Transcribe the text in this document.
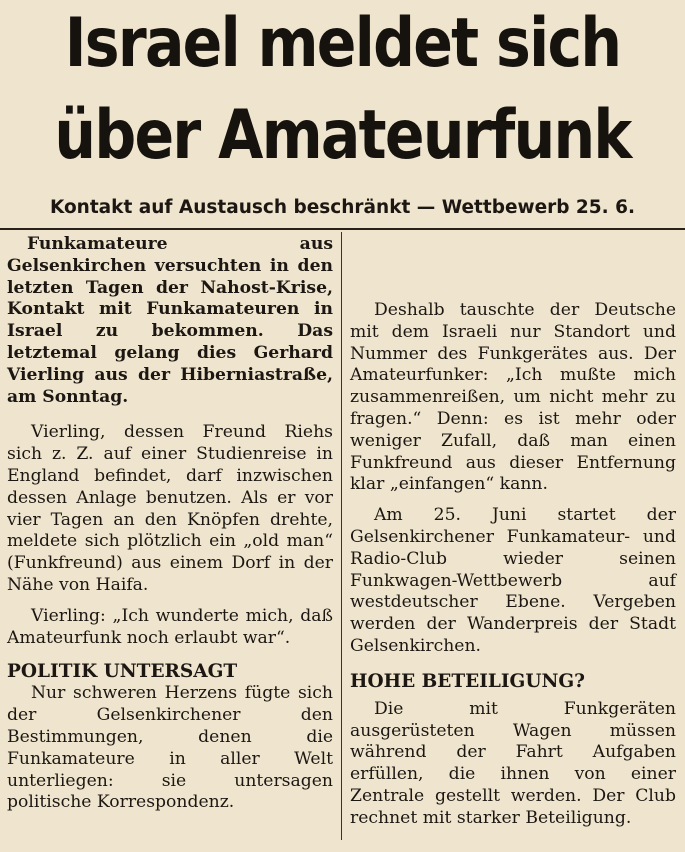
Israel meldet sich
über Amateurfunk
Kontakt auf Austausch beschränkt — Wettbewerb 25. 6.

Funkamateure aus Gelsenkirchen versuchten in den letzten Tagen der Nahost-Krise, Kontakt mit Funkamateuren in Israel zu bekommen. Das letztemal gelang dies Gerhard Vierling aus der Hiberniastraße, am Sonntag.

Vierling, dessen Freund Riehs sich z. Z. auf einer Studienreise in England befindet, darf inzwischen dessen Anlage benutzen. Als er vor vier Tagen an den Knöpfen drehte, meldete sich plötzlich ein „old man“ (Funkfreund) aus einem Dorf in der Nähe von Haifa.

Vierling: „Ich wunderte mich, daß Amateurfunk noch erlaubt war“.

POLITIK UNTERSAGT

Nur schweren Herzens fügte sich der Gelsenkirchener den Bestimmungen, denen die Funkamateure in aller Welt unterliegen: sie untersagen politische Korrespondenz.

Deshalb tauschte der Deutsche mit dem Israeli nur Standort und Nummer des Funkgerätes aus. Der Amateurfunker: „Ich mußte mich zusammenreißen, um nicht mehr zu fragen.“ Denn: es ist mehr oder weniger Zufall, daß man einen Funkfreund aus dieser Entfernung klar „einfangen“ kann.

Am 25. Juni startet der Gelsenkirchener Funkamateur- und Radio-Club wieder seinen Funkwagen-Wettbewerb auf westdeutscher Ebene. Vergeben werden der Wanderpreis der Stadt Gelsenkirchen.

HOHE BETEILIGUNG?

Die mit Funkgeräten ausgerüsteten Wagen müssen während der Fahrt Aufgaben erfüllen, die ihnen von einer Zentrale gestellt werden. Der Club rechnet mit starker Beteiligung.
